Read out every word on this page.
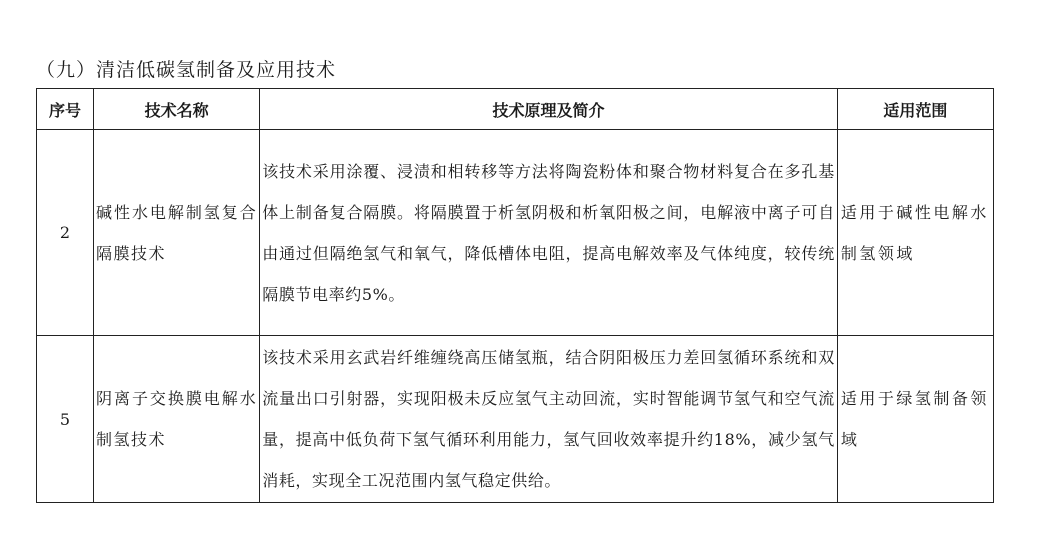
（九）清洁低碳氢制备及应用技术
序号	技术名称	技术原理及简介	适用范围
2	碱性水电解制氢复合隔膜技术	该技术采用涂覆、浸渍和相转移等方法将陶瓷粉体和聚合物材料复合在多孔基体上制备复合隔膜。将隔膜置于析氢阴极和析氧阳极之间，电解液中离子可自由通过但隔绝氢气和氧气，降低槽体电阻，提高电解效率及气体纯度，较传统隔膜节电率约5%。	适用于碱性电解水制氢领域
5	阴离子交换膜电解水制氢技术	该技术采用玄武岩纤维缠绕高压储氢瓶，结合阴阳极压力差回氢循环系统和双流量出口引射器，实现阳极未反应氢气主动回流，实时智能调节氢气和空气流量，提高中低负荷下氢气循环利用能力，氢气回收效率提升约18%，减少氢气消耗，实现全工况范围内氢气稳定供给。	适用于绿氢制备领域
